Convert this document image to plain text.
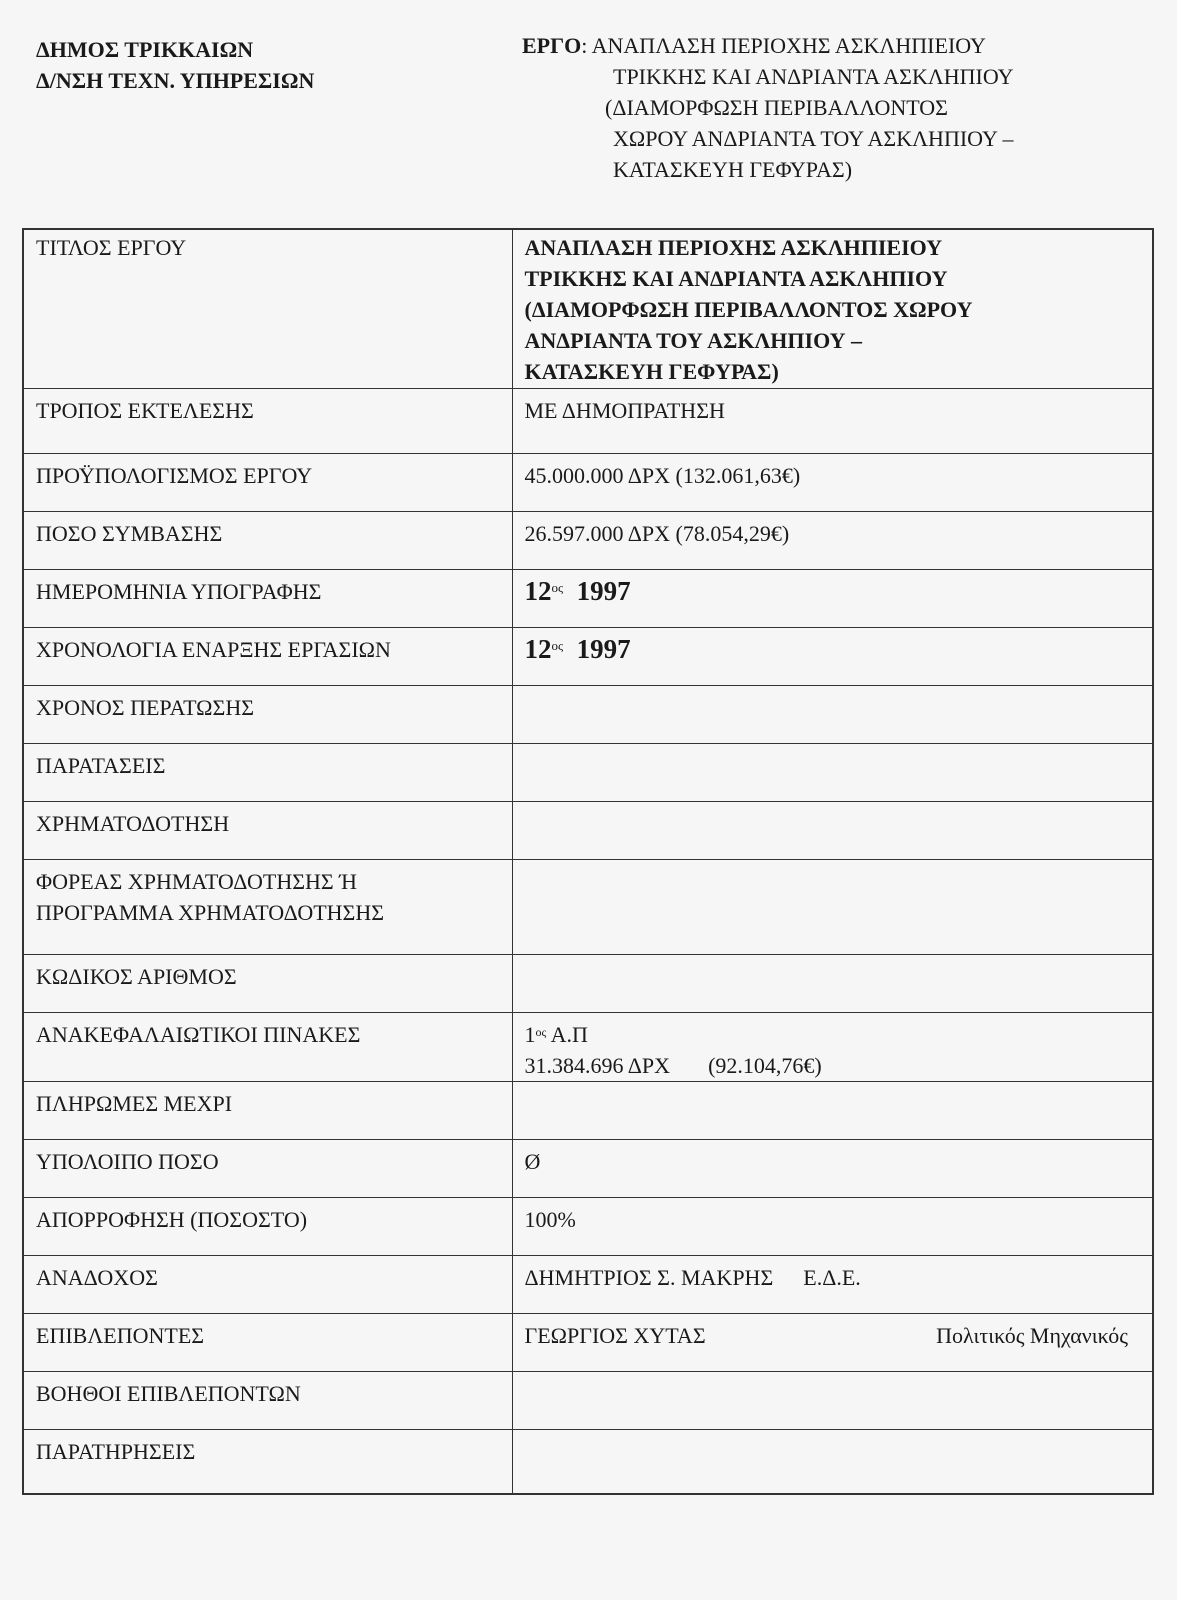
ΔΗΜΟΣ ΤΡΙΚΚΑΙΩΝ
Δ/ΝΣΗ ΤΕΧΝ. ΥΠΗΡΕΣΙΩΝ
ΕΡΓΟ: ΑΝΑΠΛΑΣΗ ΠΕΡΙΟΧΗΣ ΑΣΚΛΗΠΙΕΙΟΥ
ΤΡΙΚΚΗΣ ΚΑΙ ΑΝΔΡΙΑΝΤΑ ΑΣΚΛΗΠΙΟΥ
(ΔΙΑΜΟΡΦΩΣΗ ΠΕΡΙΒΑΛΛΟΝΤΟΣ
ΧΩΡΟΥ ΑΝΔΡΙΑΝΤΑ ΤΟΥ ΑΣΚΛΗΠΙΟΥ –
ΚΑΤΑΣΚΕΥΗ ΓΕΦΥΡΑΣ)
ΤΙΤΛΟΣ ΕΡΓΟΥ	ΑΝΑΠΛΑΣΗ ΠΕΡΙΟΧΗΣ ΑΣΚΛΗΠΙΕΙΟΥ
ΤΡΙΚΚΗΣ ΚΑΙ ΑΝΔΡΙΑΝΤΑ ΑΣΚΛΗΠΙΟΥ
(ΔΙΑΜΟΡΦΩΣΗ ΠΕΡΙΒΑΛΛΟΝΤΟΣ ΧΩΡΟΥ
ΑΝΔΡΙΑΝΤΑ ΤΟΥ ΑΣΚΛΗΠΙΟΥ –
ΚΑΤΑΣΚΕΥΗ ΓΕΦΥΡΑΣ)

ΤΡΟΠΟΣ ΕΚΤΕΛΕΣΗΣ	ΜΕ ΔΗΜΟΠΡΑΤΗΣΗ
ΠΡΟΫΠΟΛΟΓΙΣΜΟΣ ΕΡΓΟΥ	45.000.000 ΔΡΧ (132.061,63€)
ΠΟΣΟ ΣΥΜΒΑΣΗΣ	26.597.000 ΔΡΧ (78.054,29€)
ΗΜΕΡΟΜΗΝΙΑ ΥΠΟΓΡΑΦΗΣ	$12^{o\varsigma}$ 1997
ΧΡΟΝΟΛΟΓΙΑ ΕΝΑΡΞΗΣ ΕΡΓΑΣΙΩΝ	$12^{o\varsigma}$ 1997
ΧΡΟΝΟΣ ΠΕΡΑΤΩΣΗΣ	
ΠΑΡΑΤΑΣΕΙΣ	
ΧΡΗΜΑΤΟΔΟΤΗΣΗ	

ΦΟΡΕΑΣ ΧΡΗΜΑΤΟΔΟΤΗΣΗΣ Ή
ΠΡΟΓΡΑΜΜΑ ΧΡΗΜΑΤΟΔΟΤΗΣΗΣ	

ΚΩΔΙΚΟΣ ΑΡΙΘΜΟΣ	
ΑΝΑΚΕΦΑΛΑΙΩΤΙΚΟΙ ΠΙΝΑΚΕΣ	$1^{o\varsigma}$ Α.Π
31.384.696 ΔΡΧ (92.104,76€)

ΠΛΗΡΩΜΕΣ ΜΕΧΡΙ	
ΥΠΟΛΟΙΠΟ ΠΟΣΟ	Ø
ΑΠΟΡΡΟΦΗΣΗ (ΠΟΣΟΣΤΟ)	100%
ΑΝΑΔΟΧΟΣ	ΔΗΜΗΤΡΙΟΣ Σ. ΜΑΚΡΗΣ Ε.Δ.Ε.
ΕΠΙΒΛΕΠΟΝΤΕΣ	ΓΕΩΡΓΙΟΣ ΧΥΤΑΣ Πολιτικός Μηχανικός

ΒΟΗΘΟΙ ΕΠΙΒΛΕΠΟΝΤΩΝ	
ΠΑΡΑΤΗΡΗΣΕΙΣ	
